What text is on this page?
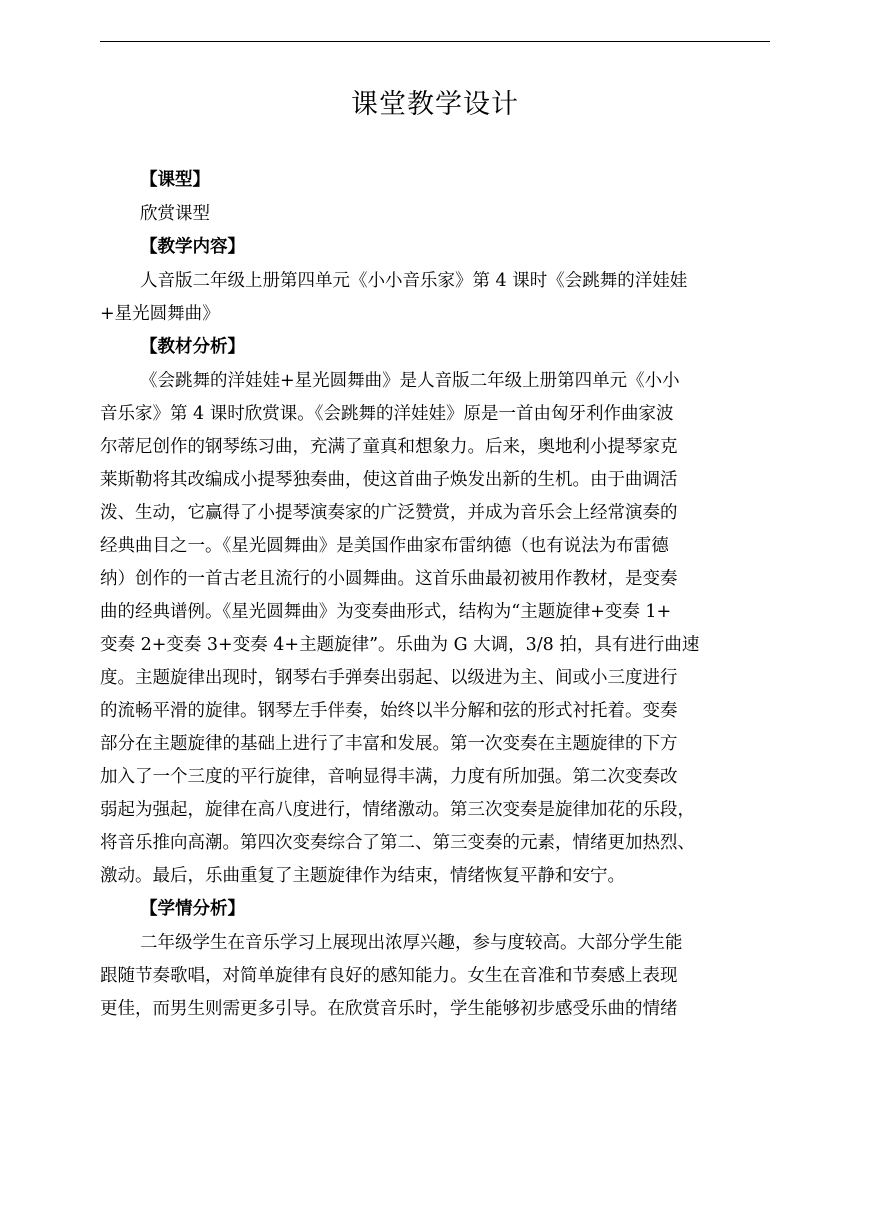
课堂教学设计
【课型】
欣赏课型
【教学内容】
人音版二年级上册第四单元《小小音乐家》第 4 课时《会跳舞的洋娃娃
+星光圆舞曲》
【教材分析】
《会跳舞的洋娃娃+星光圆舞曲》是人音版二年级上册第四单元《小小
音乐家》第 4 课时欣赏课。《会跳舞的洋娃娃》原是一首由匈牙利作曲家波
尔蒂尼创作的钢琴练习曲，充满了童真和想象力。后来，奥地利小提琴家克
莱斯勒将其改编成小提琴独奏曲，使这首曲子焕发出新的生机。由于曲调活
泼、生动，它赢得了小提琴演奏家的广泛赞赏，并成为音乐会上经常演奏的
经典曲目之一。《星光圆舞曲》是美国作曲家布雷纳德（也有说法为布雷德
纳）创作的一首古老且流行的小圆舞曲。这首乐曲最初被用作教材，是变奏
曲的经典谱例。《星光圆舞曲》为变奏曲形式，结构为“主题旋律+变奏 1+
变奏 2+变奏 3+变奏 4+主题旋律”。乐曲为 G 大调，3/8 拍，具有进行曲速
度。主题旋律出现时，钢琴右手弹奏出弱起、以级进为主、间或小三度进行
的流畅平滑的旋律。钢琴左手伴奏，始终以半分解和弦的形式衬托着。变奏
部分在主题旋律的基础上进行了丰富和发展。第一次变奏在主题旋律的下方
加入了一个三度的平行旋律，音响显得丰满，力度有所加强。第二次变奏改
弱起为强起，旋律在高八度进行，情绪激动。第三次变奏是旋律加花的乐段，
将音乐推向高潮。第四次变奏综合了第二、第三变奏的元素，情绪更加热烈、
激动。最后，乐曲重复了主题旋律作为结束，情绪恢复平静和安宁。
【学情分析】
二年级学生在音乐学习上展现出浓厚兴趣，参与度较高。大部分学生能
跟随节奏歌唱，对简单旋律有良好的感知能力。女生在音准和节奏感上表现
更佳，而男生则需更多引导。在欣赏音乐时，学生能够初步感受乐曲的情绪
